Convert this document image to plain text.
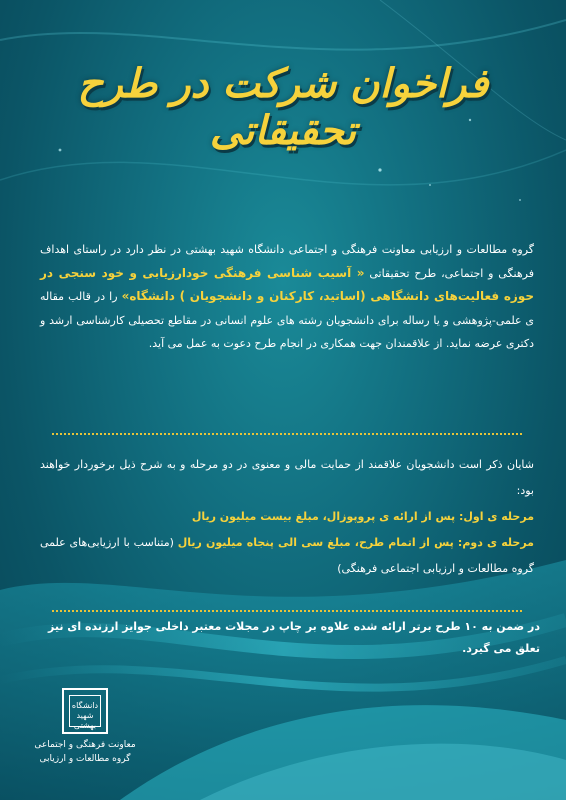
فراخوان شرکت در طرح تحقیقاتی
گروه مطالعات و ارزیابی معاونت فرهنگی و اجتماعی دانشگاه شهید بهشتی در نظر دارد در راستای اهداف فرهنگی و اجتماعی، طرح تحقیقاتی « آسیب شناسی فرهنگی خودارزیابی و خود سنجی در حوزه فعالیت‌های دانشگاهی (اساتید، کارکنان و دانشجویان ) دانشگاه» را در قالب مقاله ی علمی-پژوهشی و یا رساله برای دانشجویان رشته های علوم انسانی در مقاطع تحصیلی کارشناسی ارشد و دکتری عرضه نماید. از علاقمندان جهت همکاری در انجام طرح دعوت به عمل می آید.
شایان ذکر است دانشجویان علاقمند از حمایت مالی و معنوی در دو مرحله و به شرح ذیل برخوردار خواهند بود:
مرحله ی اول: پس از ارائه ی پروپوزال، مبلغ بیست میلیون ریال
مرحله ی دوم: پس از اتمام طرح، مبلغ سی الی پنجاه میلیون ریال (متناسب با ارزیابی‌های علمی گروه مطالعات و ارزیابی اجتماعی فرهنگی)
در ضمن به ۱۰ طرح برتر ارائه شده علاوه بر چاپ در مجلات معتبر داخلی جوایز ارزنده ای نیز تعلق می گیرد.
دانشگاه شهید بهشتی
معاونت فرهنگی و اجتماعی
گروه مطالعات و ارزیابی
